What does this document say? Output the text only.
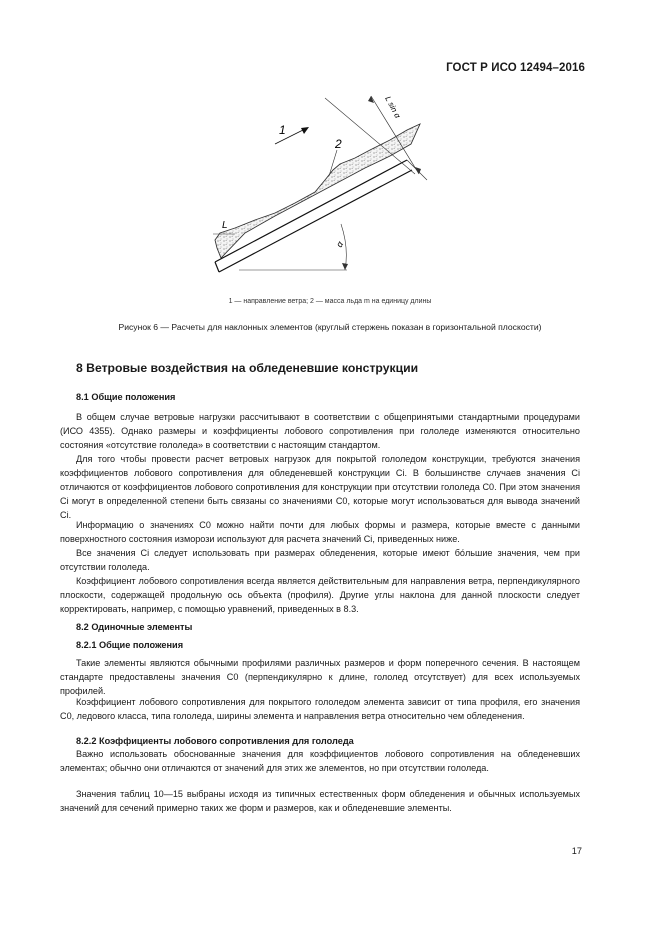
ГОСТ Р ИСО 12494–2016
1
2
L
α
L sin α
1 — направление ветра; 2 — масса льда m на единицу длины
Рисунок 6 — Расчеты для наклонных элементов (круглый стержень показан в горизонтальной плоскости)
8 Ветровые воздействия на обледеневшие конструкции
8.1 Общие положения
В общем случае ветровые нагрузки рассчитывают в соответствии с общепринятыми стандартными процедурами (ИСО 4355). Однако размеры и коэффициенты лобового сопротивления при гололеде изменяются относительно состояния «отсутствие гололеда» в соответствии с настоящим стандартом.
Для того чтобы провести расчет ветровых нагрузок для покрытой гололедом конструкции, требуются значения коэффициентов лобового сопротивления для обледеневшей конструкции Ci. В большинстве случаев значения Ci отличаются от коэффициентов лобового сопротивления для конструкции при отсутствии гололеда C0. При этом значения Ci могут в определенной степени быть связаны со значениями C0, которые могут использоваться для вывода значений Ci.
Информацию о значениях C0 можно найти почти для любых формы и размера, которые вместе с данными поверхностного состояния изморози используют для расчета значений Ci, приведенных ниже.
Все значения Ci следует использовать при размерах обледенения, которые имеют бо́льшие значения, чем при отсутствии гололеда.
Коэффициент лобового сопротивления всегда является действительным для направления ветра, перпендикулярного плоскости, содержащей продольную ось объекта (профиля). Другие углы наклона для данной плоскости следует корректировать, например, с помощью уравнений, приведенных в 8.3.
8.2 Одиночные элементы
8.2.1 Общие положения
Такие элементы являются обычными профилями различных размеров и форм поперечного сечения. В настоящем стандарте предоставлены значения C0 (перпендикулярно к длине, гололед отсутствует) для всех используемых профилей.
Коэффициент лобового сопротивления для покрытого гололедом элемента зависит от типа профиля, его значения C0, ледового класса, типа гололеда, ширины элемента и направления ветра относительно чем обледенения.
8.2.2 Коэффициенты лобового сопротивления для гололеда
Важно использовать обоснованные значения для коэффициентов лобового сопротивления на обледеневших элементах; обычно они отличаются от значений для этих же элементов, но при отсутствии гололеда.
Значения таблиц 10—15 выбраны исходя из типичных естественных форм обледенения и обычных используемых значений для сечений примерно таких же форм и размеров, как и обледеневшие элементы.
17
